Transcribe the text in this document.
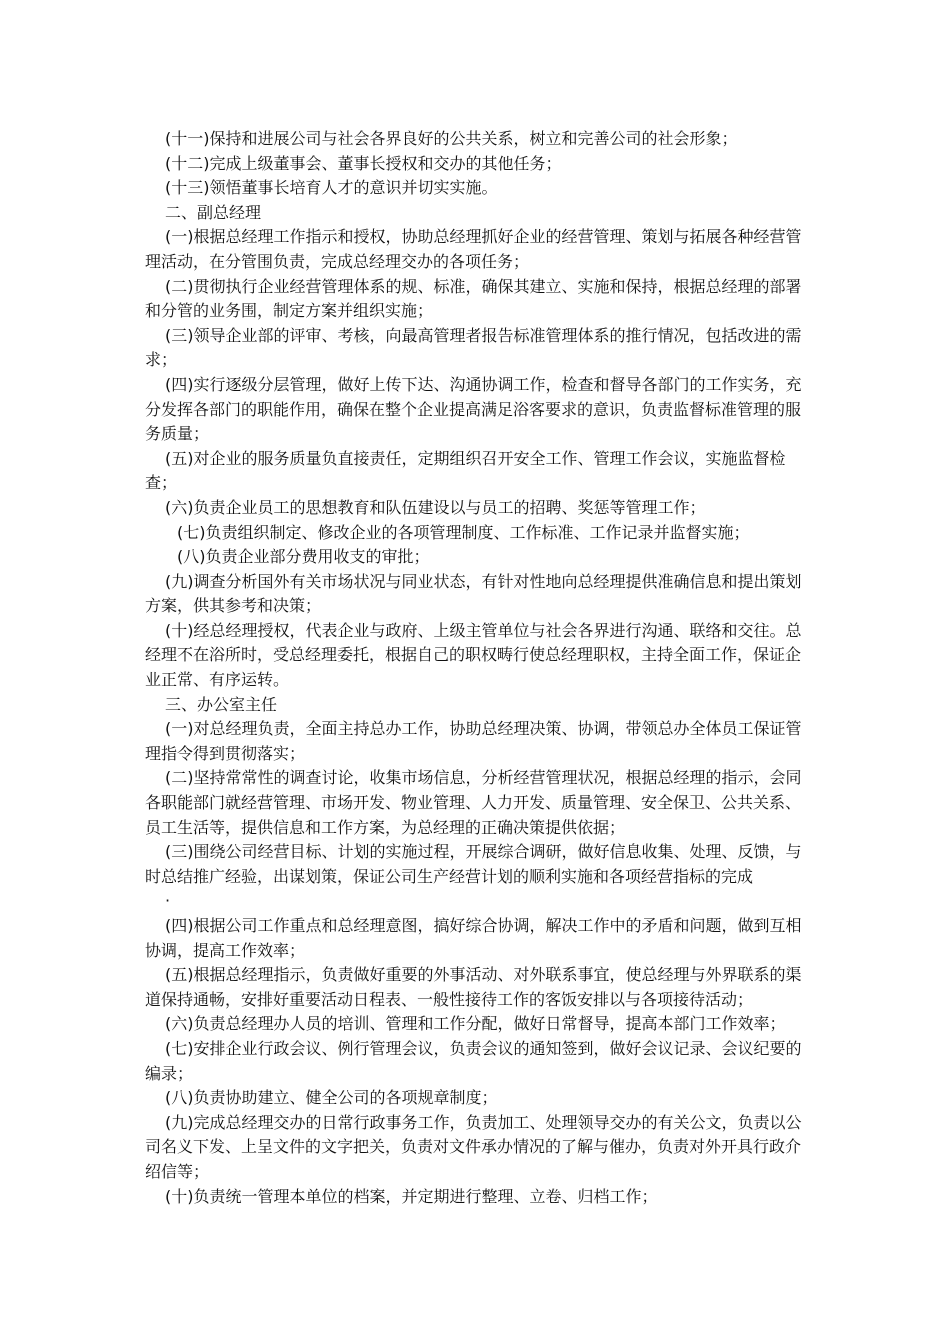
(十一)保持和进展公司与社会各界良好的公共关系，树立和完善公司的社会形象；

(十二)完成上级董事会、董事长授权和交办的其他任务；

(十三)领悟董事长培育人才的意识并切实实施。

二、副总经理

(一)根据总经理工作指示和授权，协助总经理抓好企业的经营管理、策划与拓展各种经营管理活动，在分管围负责，完成总经理交办的各项任务；

(二)贯彻执行企业经营管理体系的规、标准，确保其建立、实施和保持，根据总经理的部署和分管的业务围，制定方案并组织实施；

(三)领导企业部的评审、考核，向最高管理者报告标准管理体系的推行情况，包括改进的需求；

(四)实行逐级分层管理，做好上传下达、沟通协调工作，检查和督导各部门的工作实务，充分发挥各部门的职能作用，确保在整个企业提高满足浴客要求的意识，负责监督标准管理的服务质量；

(五)对企业的服务质量负直接责任，定期组织召开安全工作、管理工作会议，实施监督检查；

(六)负责企业员工的思想教育和队伍建设以与员工的招聘、奖惩等管理工作；

(七)负责组织制定、修改企业的各项管理制度、工作标准、工作记录并监督实施；

(八)负责企业部分费用收支的审批；

(九)调查分析国外有关市场状况与同业状态，有针对性地向总经理提供准确信息和提出策划方案，供其参考和决策；

(十)经总经理授权，代表企业与政府、上级主管单位与社会各界进行沟通、联络和交往。总经理不在浴所时，受总经理委托，根据自己的职权畴行使总经理职权，主持全面工作，保证企业正常、有序运转。

三、办公室主任

(一)对总经理负责，全面主持总办工作，协助总经理决策、协调，带领总办全体员工保证管理指令得到贯彻落实；

(二)坚持常常性的调查讨论，收集市场信息，分析经营管理状况，根据总经理的指示，会同各职能部门就经营管理、市场开发、物业管理、人力开发、质量管理、安全保卫、公共关系、员工生活等，提供信息和工作方案，为总经理的正确决策提供依据；

(三)围绕公司经营目标、计划的实施过程，开展综合调研，做好信息收集、处理、反馈，与时总结推广经验，出谋划策，保证公司生产经营计划的顺利实施和各项经营指标的完成

·

(四)根据公司工作重点和总经理意图，搞好综合协调，解决工作中的矛盾和问题，做到互相协调，提高工作效率；

(五)根据总经理指示，负责做好重要的外事活动、对外联系事宜，使总经理与外界联系的渠道保持通畅，安排好重要活动日程表、一般性接待工作的客饭安排以与各项接待活动；

(六)负责总经理办人员的培训、管理和工作分配，做好日常督导，提高本部门工作效率；

(七)安排企业行政会议、例行管理会议，负责会议的通知签到，做好会议记录、会议纪要的编录；

(八)负责协助建立、健全公司的各项规章制度；

(九)完成总经理交办的日常行政事务工作，负责加工、处理领导交办的有关公文，负责以公司名义下发、上呈文件的文字把关，负责对文件承办情况的了解与催办，负责对外开具行政介绍信等；

(十)负责统一管理本单位的档案，并定期进行整理、立卷、归档工作；
